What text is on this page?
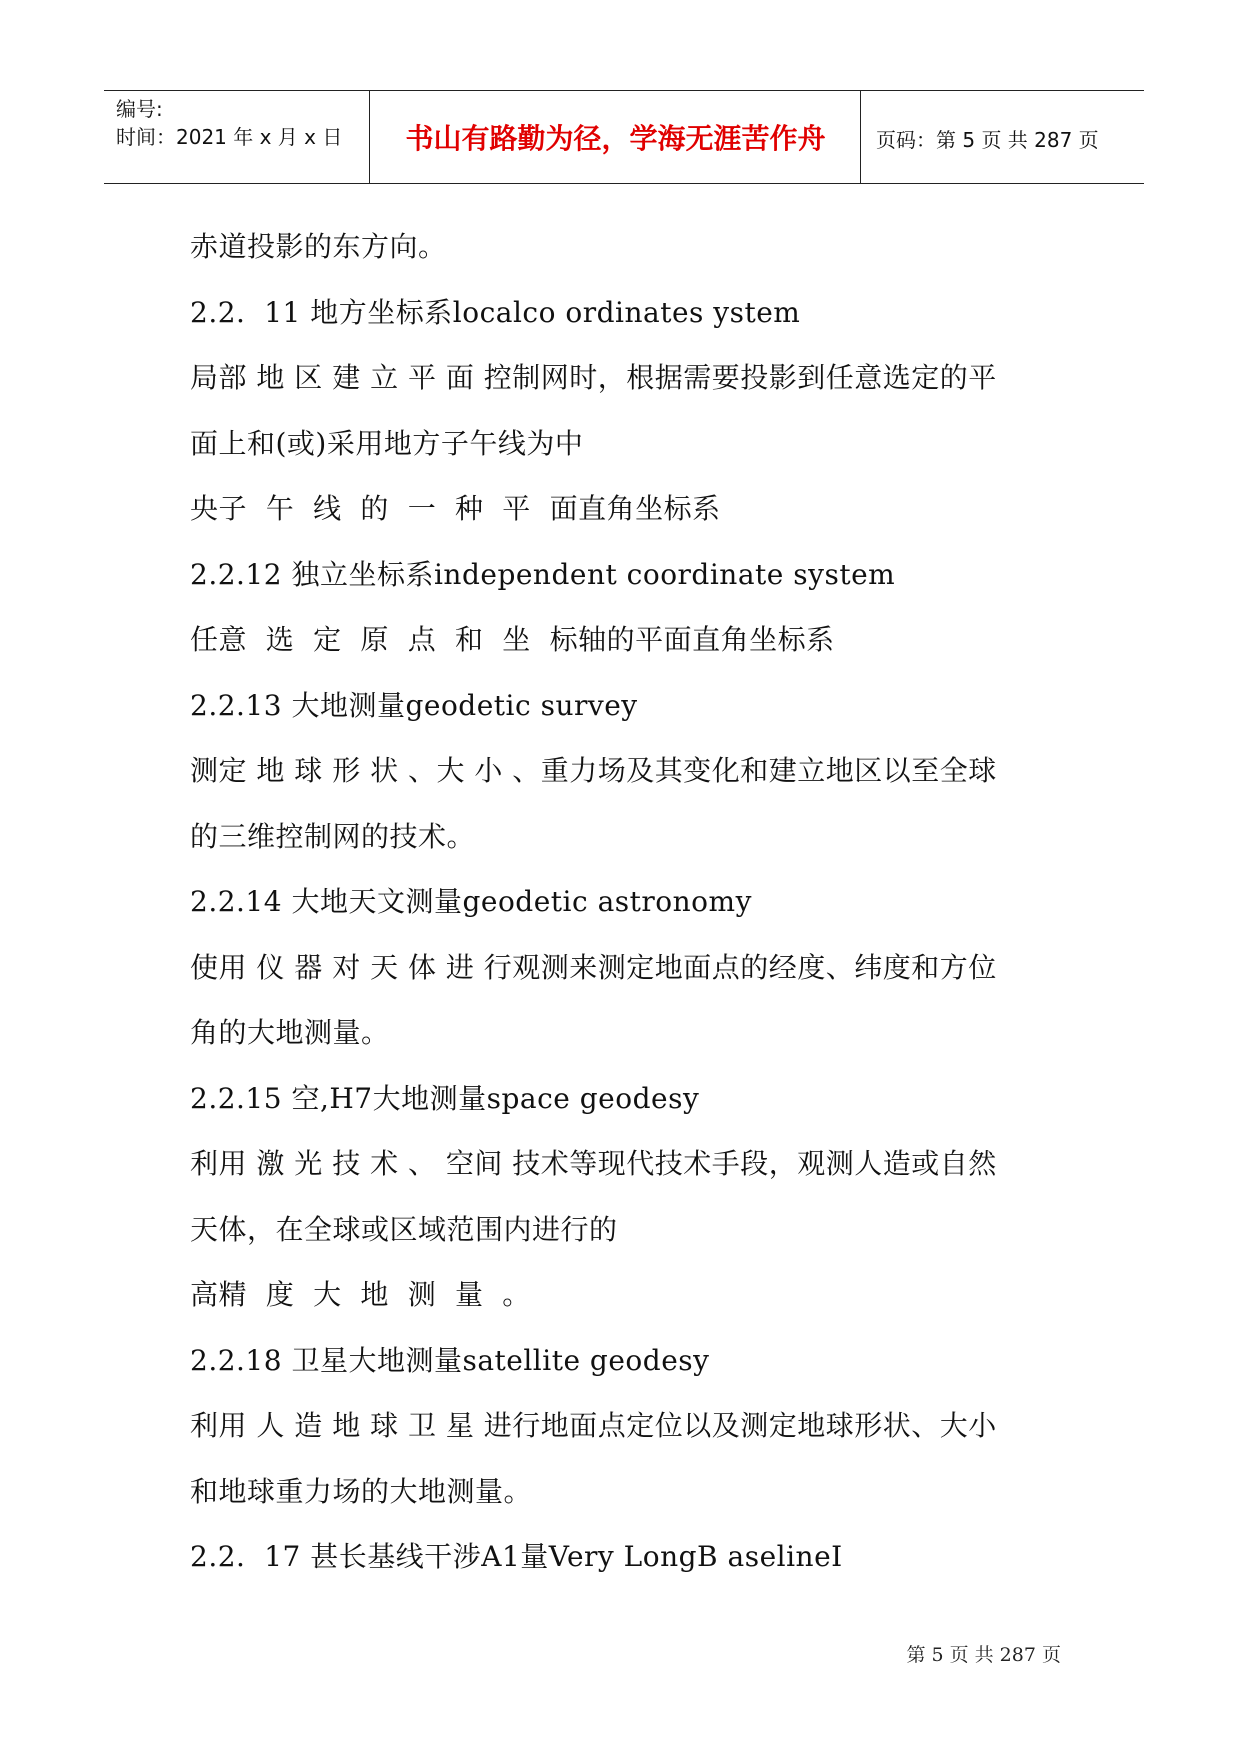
编号:
时间：2021 年 x 月 x 日	书山有路勤为径，学海无涯苦作舟	页码：第 5 页 共 287 页
赤道投影的东方向。
2.2.  11 地方坐标系localco ordinates ystem
局部 地 区 建 立 平 面 控制网时，根据需要投影到任意选定的平
面上和(或)采用地方子午线为中
央子  午  线  的  一  种  平  面直角坐标系
2.2.12 独立坐标系independent coordinate system
任意  选  定  原  点  和  坐  标轴的平面直角坐标系
2.2.13 大地测量geodetic survey
测定 地 球 形 状 、大 小 、重力场及其变化和建立地区以至全球
的三维控制网的技术。
2.2.14 大地天文测量geodetic astronomy
使用 仪 器 对 天 体 进 行观测来测定地面点的经度、纬度和方位
角的大地测量。
2.2.15 空,H7大地测量space geodesy
利用 激 光 技 术 、 空间 技术等现代技术手段，观测人造或自然
天体，在全球或区域范围内进行的
高精  度  大  地  测  量  。
2.2.18 卫星大地测量satellite geodesy
利用 人 造 地 球 卫 星 进行地面点定位以及测定地球形状、大小
和地球重力场的大地测量。
2.2.  17 甚长基线干涉A1量Very LongB aselineI
第 5 页 共 287 页
